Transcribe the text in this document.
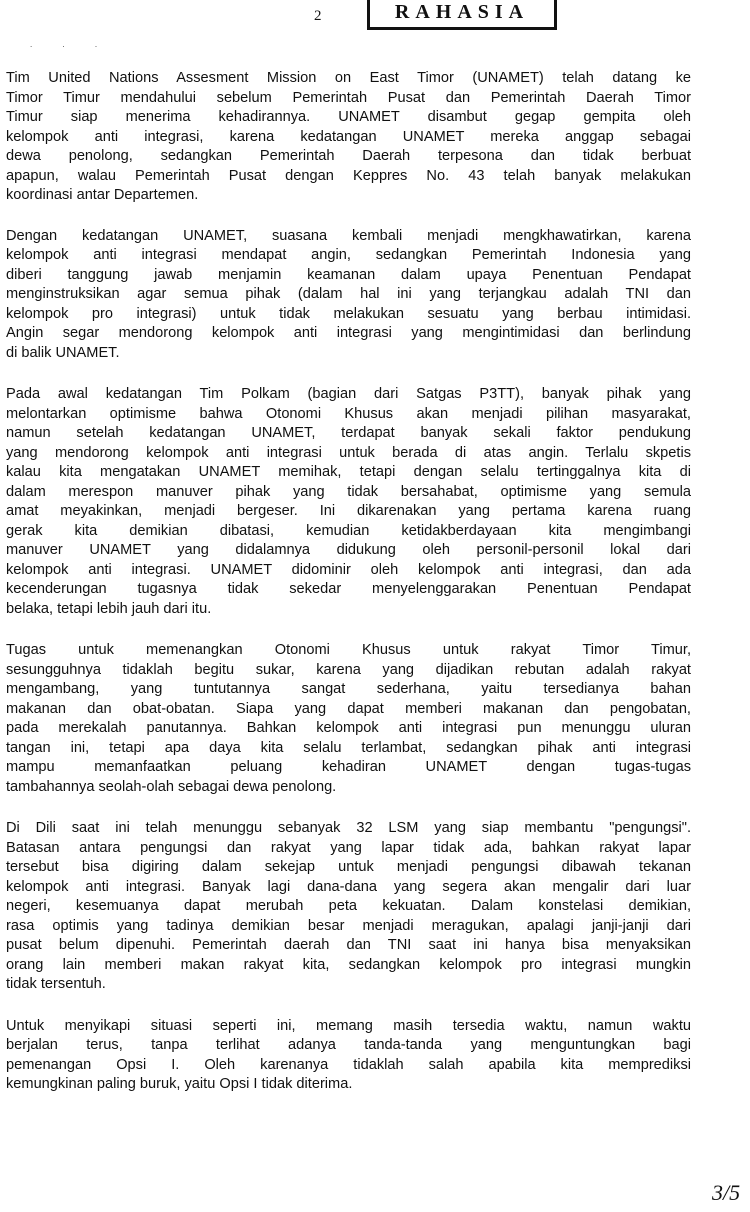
2	RAHASIA
. . .

Tim United Nations Assesment Mission on East Timor (UNAMET) telah datang ke
Timor Timur mendahului sebelum Pemerintah Pusat dan Pemerintah Daerah Timor
Timur siap menerima kehadirannya. UNAMET disambut gegap gempita oleh
kelompok anti integrasi, karena kedatangan UNAMET mereka anggap sebagai
dewa penolong, sedangkan Pemerintah Daerah terpesona dan tidak berbuat
apapun, walau Pemerintah Pusat dengan Keppres No. 43 telah banyak melakukan
koordinasi antar Departemen.

Dengan kedatangan UNAMET, suasana kembali menjadi mengkhawatirkan, karena
kelompok anti integrasi mendapat angin, sedangkan Pemerintah Indonesia yang
diberi tanggung jawab menjamin keamanan dalam upaya Penentuan Pendapat
menginstruksikan agar semua pihak (dalam hal ini yang terjangkau adalah TNI dan
kelompok pro integrasi) untuk tidak melakukan sesuatu yang berbau intimidasi.
Angin segar mendorong kelompok anti integrasi yang mengintimidasi dan berlindung
di balik UNAMET.

Pada awal kedatangan Tim Polkam (bagian dari Satgas P3TT), banyak pihak yang
melontarkan optimisme bahwa Otonomi Khusus akan menjadi pilihan masyarakat,
namun setelah kedatangan UNAMET, terdapat banyak sekali faktor pendukung
yang mendorong kelompok anti integrasi untuk berada di atas angin. Terlalu skpetis
kalau kita mengatakan UNAMET memihak, tetapi dengan selalu tertinggalnya kita di
dalam merespon manuver pihak yang tidak bersahabat, optimisme yang semula
amat meyakinkan, menjadi bergeser. Ini dikarenakan yang pertama karena ruang
gerak kita demikian dibatasi, kemudian ketidakberdayaan kita mengimbangi
manuver UNAMET yang didalamnya didukung oleh personil-personil lokal dari
kelompok anti integrasi. UNAMET didominir oleh kelompok anti integrasi, dan ada
kecenderungan tugasnya tidak sekedar menyelenggarakan Penentuan Pendapat
belaka, tetapi lebih jauh dari itu.

Tugas untuk memenangkan Otonomi Khusus untuk rakyat Timor Timur,
sesungguhnya tidaklah begitu sukar, karena yang dijadikan rebutan adalah rakyat
mengambang, yang tuntutannya sangat sederhana, yaitu tersedianya bahan
makanan dan obat-obatan. Siapa yang dapat memberi makanan dan pengobatan,
pada merekalah panutannya. Bahkan kelompok anti integrasi pun menunggu uluran
tangan ini, tetapi apa daya kita selalu terlambat, sedangkan pihak anti integrasi
mampu memanfaatkan peluang kehadiran UNAMET dengan tugas-tugas
tambahannya seolah-olah sebagai dewa penolong.

Di Dili saat ini telah menunggu sebanyak 32 LSM yang siap membantu "pengungsi".
Batasan antara pengungsi dan rakyat yang lapar tidak ada, bahkan rakyat lapar
tersebut bisa digiring dalam sekejap untuk menjadi pengungsi dibawah tekanan
kelompok anti integrasi. Banyak lagi dana-dana yang segera akan mengalir dari luar
negeri, kesemuanya dapat merubah peta kekuatan. Dalam konstelasi demikian,
rasa optimis yang tadinya demikian besar menjadi meragukan, apalagi janji-janji dari
pusat belum dipenuhi. Pemerintah daerah dan TNI saat ini hanya bisa menyaksikan
orang lain memberi makan rakyat kita, sedangkan kelompok pro integrasi mungkin
tidak tersentuh.

Untuk menyikapi situasi seperti ini, memang masih tersedia waktu, namun waktu
berjalan terus, tanpa terlihat adanya tanda-tanda yang menguntungkan bagi
pemenangan Opsi I. Oleh karenanya tidaklah salah apabila kita memprediksi
kemungkinan paling buruk, yaitu Opsi I tidak diterima.

3/5
